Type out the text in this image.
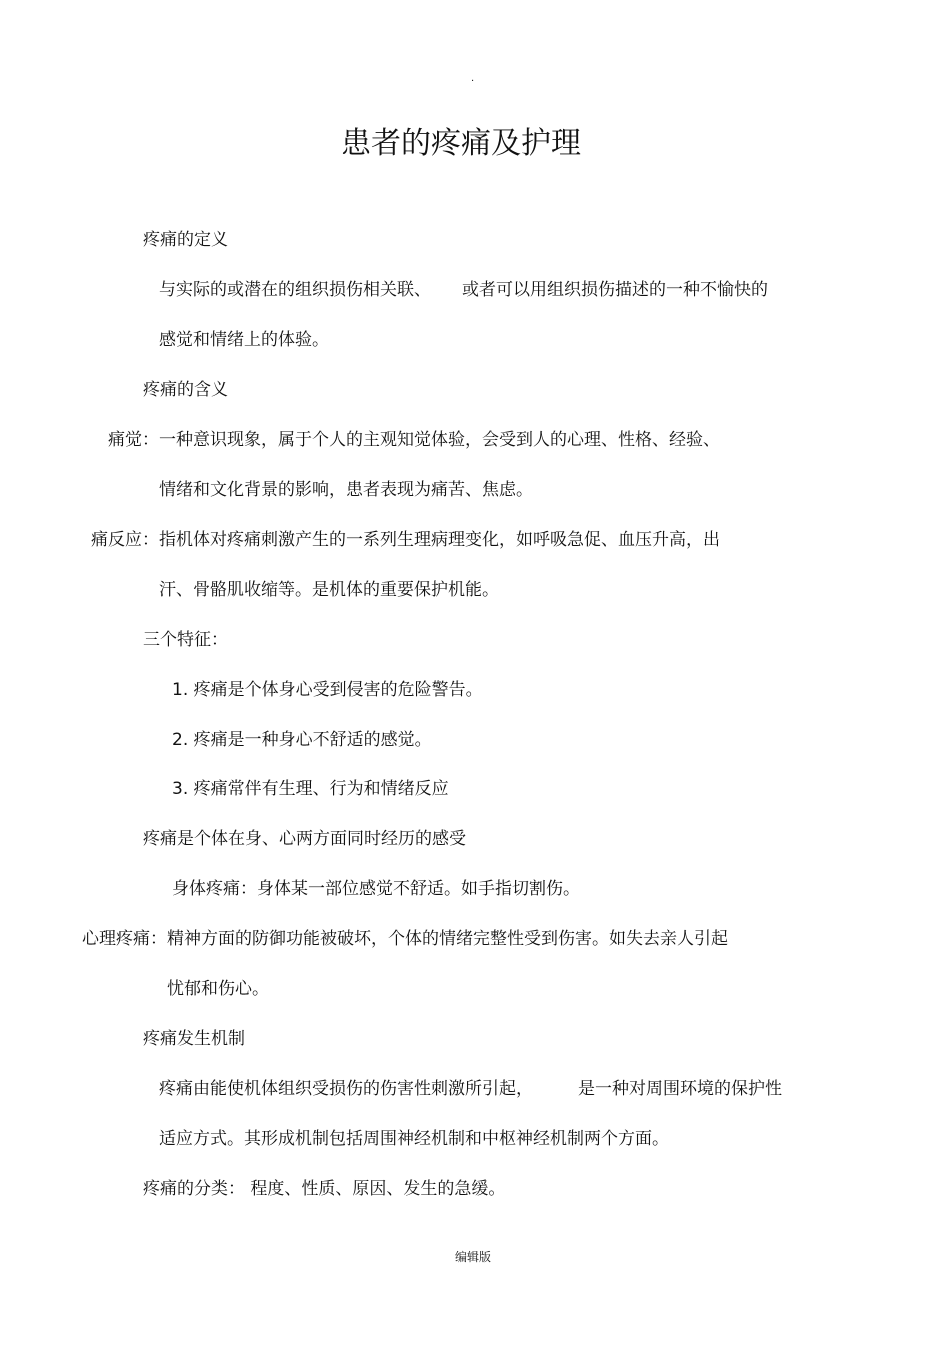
.
患者的疼痛及护理
疼痛的定义
与实际的或潜在的组织损伤相关联、 或者可以用组织损伤描述的一种不愉快的
感觉和情绪上的体验。
疼痛的含义
痛觉：一种意识现象，属于个人的主观知觉体验，会受到人的心理、性格、经验、
情绪和文化背景的影响，患者表现为痛苦、焦虑。
痛反应：指机体对疼痛刺激产生的一系列生理病理变化，如呼吸急促、血压升高，出
汗、骨骼肌收缩等。是机体的重要保护机能。
三个特征：
1. 疼痛是个体身心受到侵害的危险警告。
2. 疼痛是一种身心不舒适的感觉。
3. 疼痛常伴有生理、行为和情绪反应
疼痛是个体在身、心两方面同时经历的感受
身体疼痛：身体某一部位感觉不舒适。如手指切割伤。
心理疼痛：精神方面的防御功能被破坏，个体的情绪完整性受到伤害。如失去亲人引起
忧郁和伤心。
疼痛发生机制
疼痛由能使机体组织受损伤的伤害性刺激所引起，	是一种对周围环境的保护性
适应方式。其形成机制包括周围神经机制和中枢神经机制两个方面。
疼痛的分类： 程度、性质、原因、发生的急缓。
编辑版
